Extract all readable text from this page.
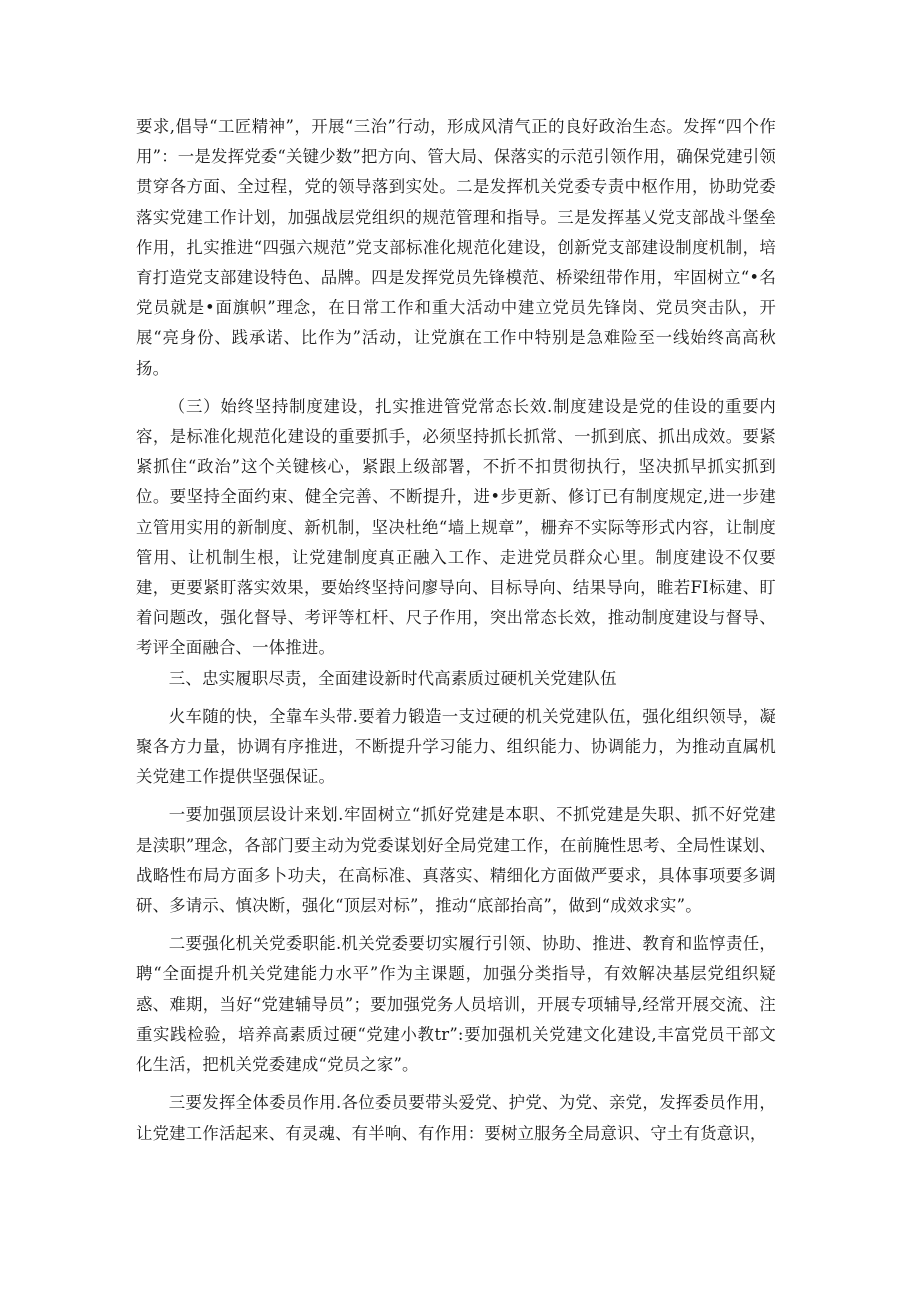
要求,倡导“工匠精神”，开展“三治”行动，形成风清气正的良好政治生态。发挥“四个作用”：一是发挥党委“关键少数”把方向、管大局、保落实的示范引领作用，确保党建引领贯穿各方面、全过程，党的领导落到实处。二是发挥机关党委专责中枢作用，协助党委落实党建工作计划，加强战层党组织的规范管理和指导。三是发挥基乂党支部战斗堡垒作用，扎实推进“四强六规范”党支部标准化规范化建设，创新党支部建设制度机制，培育打造党支部建设特色、品牌。四是发挥党员先锋模范、桥梁纽带作用，牢固树立“•名党员就是•面旗帜”理念，在日常工作和重大活动中建立党员先锋岗、党员突击队，开展“亮身份、践承诺、比作为”活动，让党旗在工作中特别是急难险至一线始终高高秋扬。

（三）始终坚持制度建设，扎实推进管党常态长效.制度建设是党的佳设的重要内容，是标准化规范化建设的重要抓手，必须坚持抓长抓常、一抓到底、抓出成效。要紧紧抓住“政治”这个关键核心，紧跟上级部署，不折不扣贯彻执行，坚决抓早抓实抓到位。要坚持全面约束、健全完善、不断提升，进•步更新、修订已有制度规定,进一步建立管用实用的新制度、新机制，坚决杜绝“墙上规章”，栅弃不实际等形式内容，让制度管用、让机制生根，让党建制度真正融入工作、走进党员群众心里。制度建设不仅要建，更要紧盯落实效果，要始终坚持问廖导向、目标导向、结果导向，睢若FI标建、盯着问题改，强化督导、考评等杠杆、尺子作用，突出常态长效，推动制度建设与督导、考评全面融合、一体推进。

三、忠实履职尽责，全面建设新时代高素质过硬机关党建队伍

火车随的快，全靠车头带.要着力锻造一支过硬的机关党建队伍，强化组织领导，凝聚各方力量，协调有序推进，不断提升学习能力、组织能力、协调能力，为推动直属机关党建工作提供坚强保证。

一要加强顶层设计来划.牢固树立“抓好党建是本职、不抓党建是失职、抓不好党建是渎职”理念，各部门要主动为党委谋划好全局党建工作，在前腌性思考、全局性谋划、战略性布局方面多卜功夫，在高标准、真落实、精细化方面做严要求，具体事项要多调研、多请示、慎决断，强化“顶层对标”，推动“底部抬高”，做到“成效求实”。

二要强化机关党委职能.机关党委要切实履行引领、协助、推进、教育和监惇责任，聘“全面提升机关党建能力水平”作为主课题，加强分类指导，有效解决基层党组织疑惑、难期，当好“党建辅导员”；要加强党务人员培训，开展专项辅导,经常开展交流、注重实践检验，培养高素质过硬“党建小教tr”:要加强机关党建文化建设,丰富党员干部文化生活，把机关党委建成“党员之家”。

三要发挥全体委员作用.各位委员要带头爱党、护党、为党、亲党，发挥委员作用，让党建工作活起来、有灵魂、有半响、有作用：要树立服务全局意识、守土有货意识，
